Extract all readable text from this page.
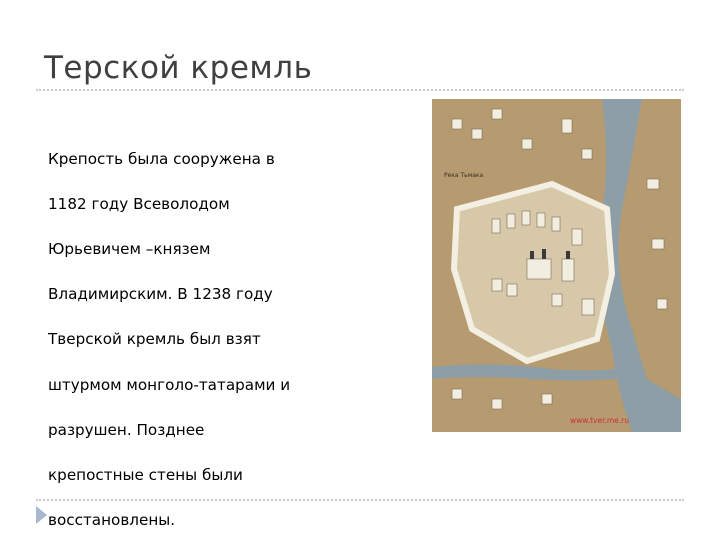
Терской кремль
Река Тьмака
www.tver.me.ru

Крепость была сооружена в

1182 году Всеволодом

Юрьевичем –князем

Владимирским. В 1238 году

Тверской кремль был взят

штурмом монголо-татарами и

разрушен. Позднее

крепостные стены были

восстановлены.
